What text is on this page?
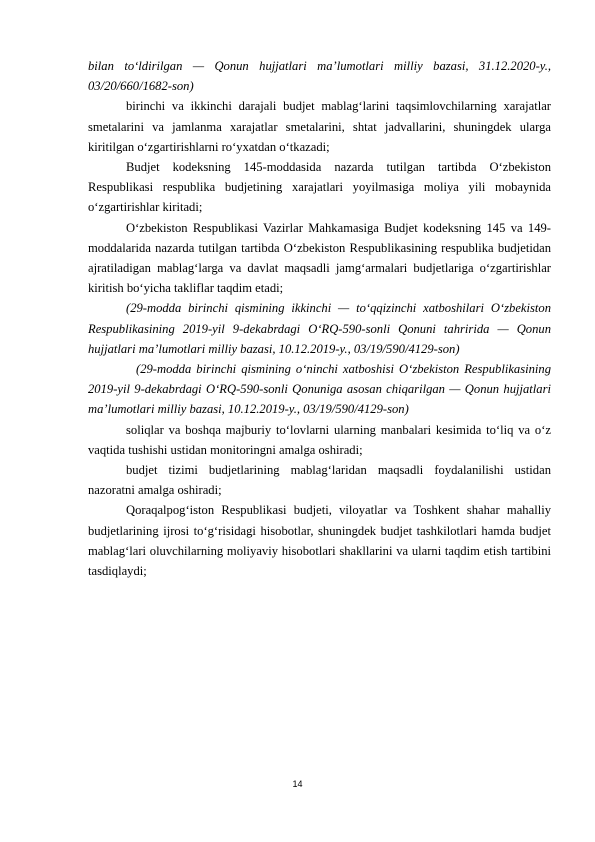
bilan to‘ldirilgan — Qonun hujjatlari ma’lumotlari milliy bazasi, 31.12.2020-y., 03/20/660/1682-son)

birinchi va ikkinchi darajali budjet mablag‘larini taqsimlovchilarning xarajatlar smetalarini va jamlanma xarajatlar smetalarini, shtat jadvallarini, shuningdek ularga kiritilgan o‘zgartirishlarni ro‘yxatdan o‘tkazadi;

Budjet kodeksning 145-moddasida nazarda tutilgan tartibda O‘zbekiston Respublikasi respublika budjetining xarajatlari yoyilmasiga moliya yili mobaynida o‘zgartirishlar kiritadi;

O‘zbekiston Respublikasi Vazirlar Mahkamasiga Budjet kodeksning 145 va 149-moddalarida nazarda tutilgan tartibda O‘zbekiston Respublikasining respublika budjetidan ajratiladigan mablag‘larga va davlat maqsadli jamg‘armalari budjetlariga o‘zgartirishlar kiritish bo‘yicha takliflar taqdim etadi;

(29-modda birinchi qismining ikkinchi — to‘qqizinchi xatboshilari O‘zbekiston Respublikasining 2019-yil 9-dekabrdagi O‘RQ-590-sonli Qonuni tahririda — Qonun hujjatlari ma’lumotlari milliy bazasi, 10.12.2019-y., 03/19/590/4129-son)

(29-modda birinchi qismining o‘ninchi xatboshisi O‘zbekiston Respublikasining 2019-yil 9-dekabrdagi O‘RQ-590-sonli Qonuniga asosan chiqarilgan — Qonun hujjatlari ma’lumotlari milliy bazasi, 10.12.2019-y., 03/19/590/4129-son)

soliqlar va boshqa majburiy to‘lovlarni ularning manbalari kesimida to‘liq va o‘z vaqtida tushishi ustidan monitoringni amalga oshiradi;

budjet tizimi budjetlarining mablag‘laridan maqsadli foydalanilishi ustidan nazoratni amalga oshiradi;

Qoraqalpog‘iston Respublikasi budjeti, viloyatlar va Toshkent shahar mahalliy budjetlarining ijrosi to‘g‘risidagi hisobotlar, shuningdek budjet tashkilotlari hamda budjet mablag‘lari oluvchilarning moliyaviy hisobotlari shakllarini va ularni taqdim etish tartibini tasdiqlaydi;

14
